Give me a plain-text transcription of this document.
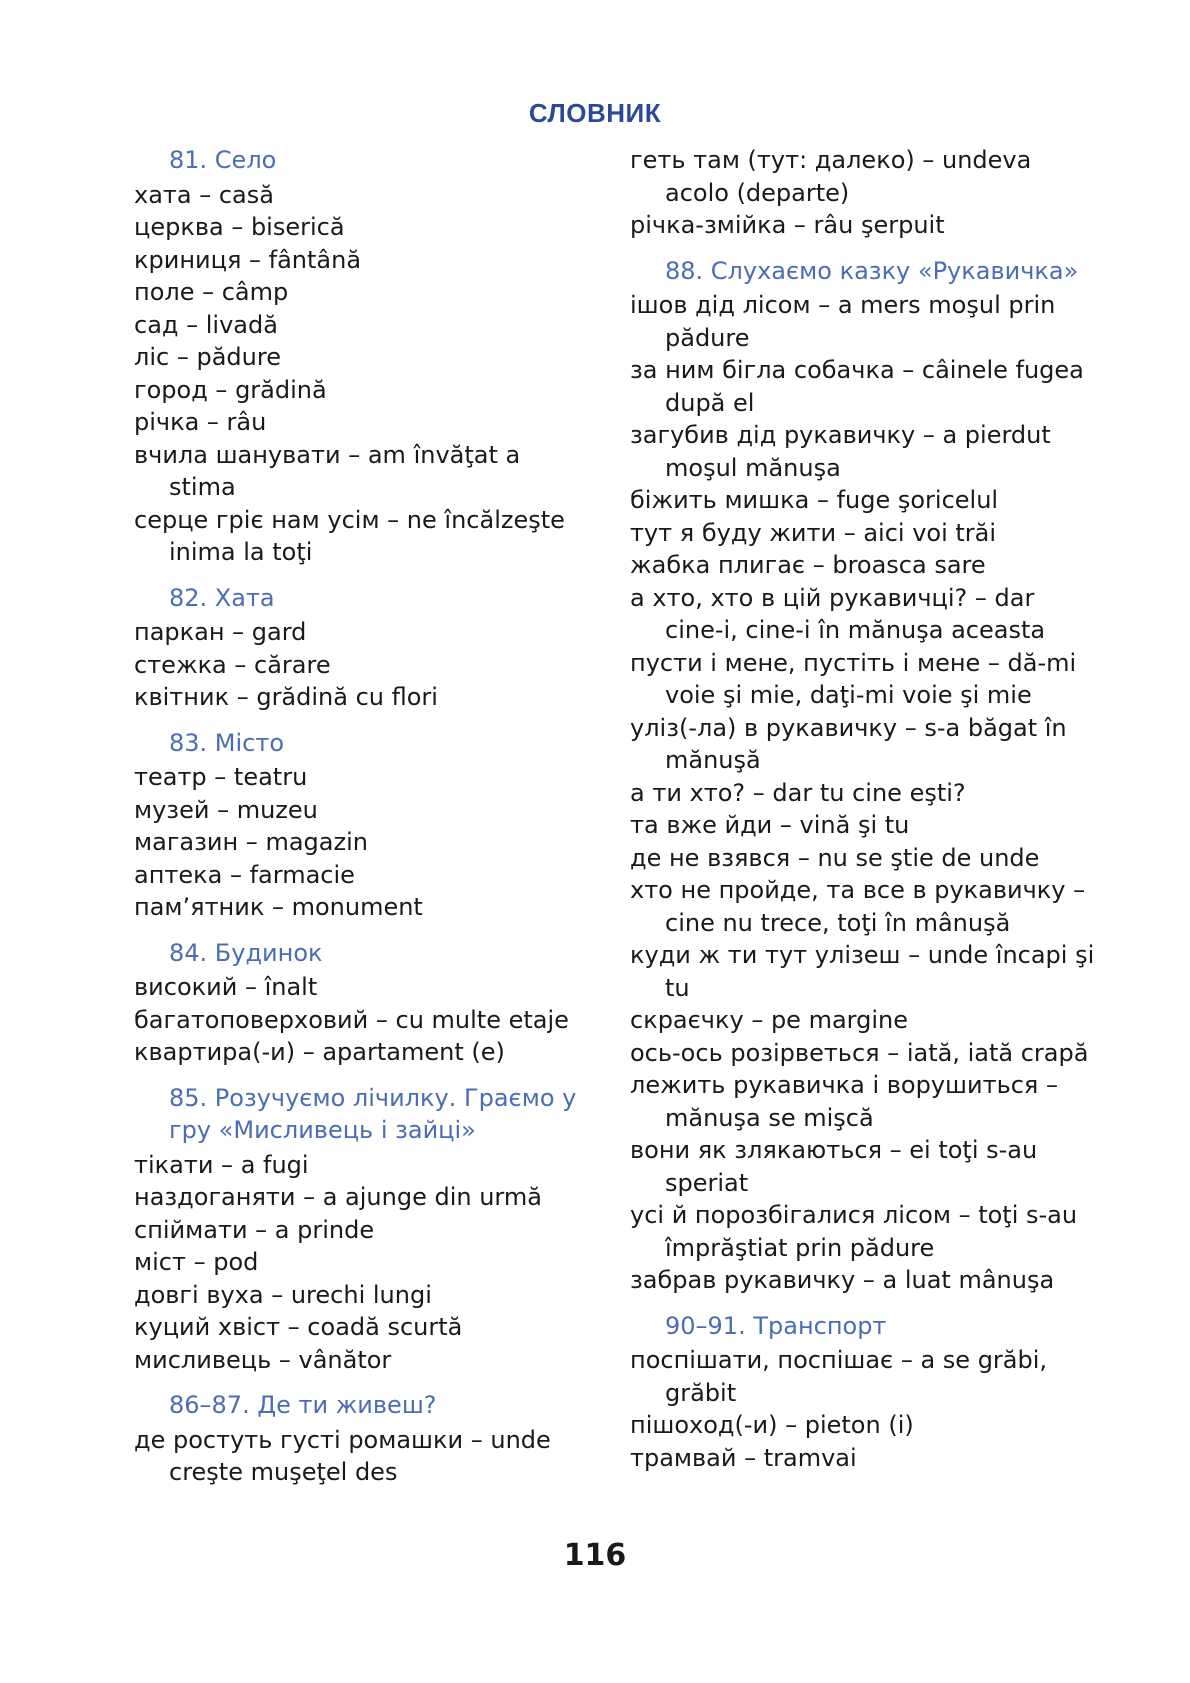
СЛОВНИК
81. Село
хата – casă
церква – biserică
криниця – fântână
поле – câmp
сад – livadă
ліс – pădure
город – grădină
річка – râu
вчила шанувати – am învăţat a stima
серце гріє нам усім – ne încălzeşte inima la toţi
82. Хата
паркан – gard
стежка – cărare
квітник – grădină cu flori
83. Місто
театр – teatru
музей – muzeu
магазин – magazin
аптека – farmacie
пам’ятник – monument
84. Будинок
високий – înalt
багатоповерховий – cu multe etaje
квартира(-и) – apartament (e)
85. Розучуємо лічилку. Граємо у гру «Мисливець і зайці»
тікати – a fugi
наздоганяти – a ajunge din urmă
спіймати – a prinde
міст – pod
довгі вуха – urechi lungi
куций хвіст – coadă scurtă
мисливець – vânător
86–87. Де ти живеш?
де ростуть густі ромашки – unde creşte muşeţel des
геть там (тут: далеко) – undeva acolo (departe)
річка-змійка – râu şerpuit
88. Слухаємо казку «Рукавичка»
ішов дід лісом – a mers moşul prin pădure
за ним бігла собачка – câinele fugea după el
загубив дід рукавичку – a pierdut moşul mănuşa
біжить мишка – fuge şoricelul
тут я буду жити – aici voi trăi
жабка плигає – broasca sare
а хто, хто в цій рукавичці? – dar cine-i, cine-i în mănuşa aceasta
пусти і мене, пустіть і мене – dă-mi voie şi mie, daţi-mi voie şi mie
уліз(-ла) в рукавичку – s-a băgat în mănuşă
а ти хто? – dar tu cine eşti?
та вже йди – vină şi tu
де не взявся – nu se ştie de unde
хто не пройде, та все в рукавичку – cine nu trece, toţi în mânuşă
куди ж ти тут улізеш – unde încapi şi tu
скраєчку – pe margine
ось-ось розірветься – iată, iată crapă
лежить рукавичка і ворушиться – mănuşa se mişcă
вони як злякаються – ei toţi s-au speriat
усі й порозбігалися лісом – toţi s-au împrăştiat prin pădure
забрав рукавичку – a luat mânuşa
90–91. Транспорт
поспішати, поспішає – a se grăbi, grăbit
пішоход(-и) – pieton (i)
трамвай – tramvai
116
